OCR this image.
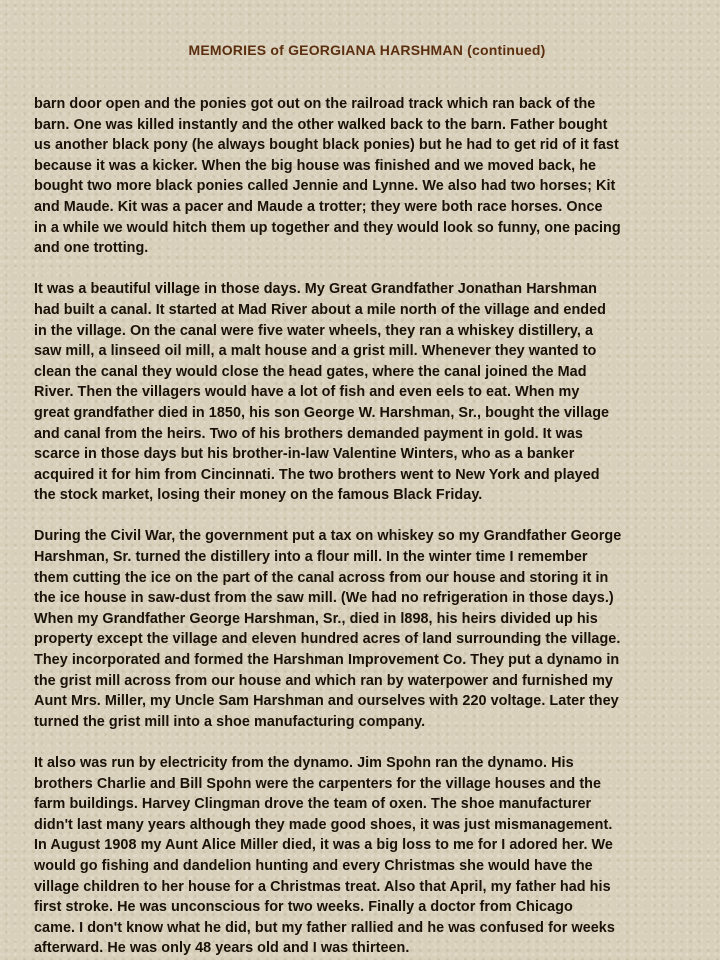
MEMORIES of GEORGIANA HARSHMAN (continued)
barn door open and the ponies got out on the railroad track which ran back of the
barn. One was killed instantly and the other walked back to the barn. Father bought
us another black pony (he always bought black ponies) but he had to get rid of it fast
because it was a kicker. When the big house was finished and we moved back, he
bought two more black ponies called Jennie and Lynne. We also had two horses; Kit
and Maude. Kit was a pacer and Maude a trotter; they were both race horses. Once
in a while we would hitch them up together and they would look so funny, one pacing
and one trotting.
It was a beautiful village in those days. My Great Grandfather Jonathan Harshman
had built a canal. It started at Mad River about a mile north of the village and ended
in the village. On the canal were five water wheels, they ran a whiskey distillery, a
saw mill, a linseed oil mill, a malt house and a grist mill. Whenever they wanted to
clean the canal they would close the head gates, where the canal joined the Mad
River. Then the villagers would have a lot of fish and even eels to eat. When my
great grandfather died in 1850, his son George W. Harshman, Sr., bought the village
and canal from the heirs. Two of his brothers demanded payment in gold. It was
scarce in those days but his brother-in-law Valentine Winters, who as a banker
acquired it for him from Cincinnati. The two brothers went to New York and played
the stock market, losing their money on the famous Black Friday.
During the Civil War, the government put a tax on whiskey so my Grandfather George
Harshman, Sr. turned the distillery into a flour mill. In the winter time I remember
them cutting the ice on the part of the canal across from our house and storing it in
the ice house in saw-dust from the saw mill. (We had no refrigeration in those days.)
When my Grandfather George Harshman, Sr., died in l898, his heirs divided up his
property except the village and eleven hundred acres of land surrounding the village.
They incorporated and formed the Harshman Improvement Co. They put a dynamo in
the grist mill across from our house and which ran by waterpower and furnished my
Aunt Mrs. Miller, my Uncle Sam Harshman and ourselves with 220 voltage. Later they
turned the grist mill into a shoe manufacturing company.
It also was run by electricity from the dynamo. Jim Spohn ran the dynamo. His
brothers Charlie and Bill Spohn were the carpenters for the village houses and the
farm buildings. Harvey Clingman drove the team of oxen. The shoe manufacturer
didn't last many years although they made good shoes, it was just mismanagement.
In August 1908 my Aunt Alice Miller died, it was a big loss to me for I adored her. We
would go fishing and dandelion hunting and every Christmas she would have the
village children to her house for a Christmas treat. Also that April, my father had his
first stroke. He was unconscious for two weeks. Finally a doctor from Chicago
came. I don't know what he did, but my father rallied and he was confused for weeks
afterward. He was only 48 years old and I was thirteen.
